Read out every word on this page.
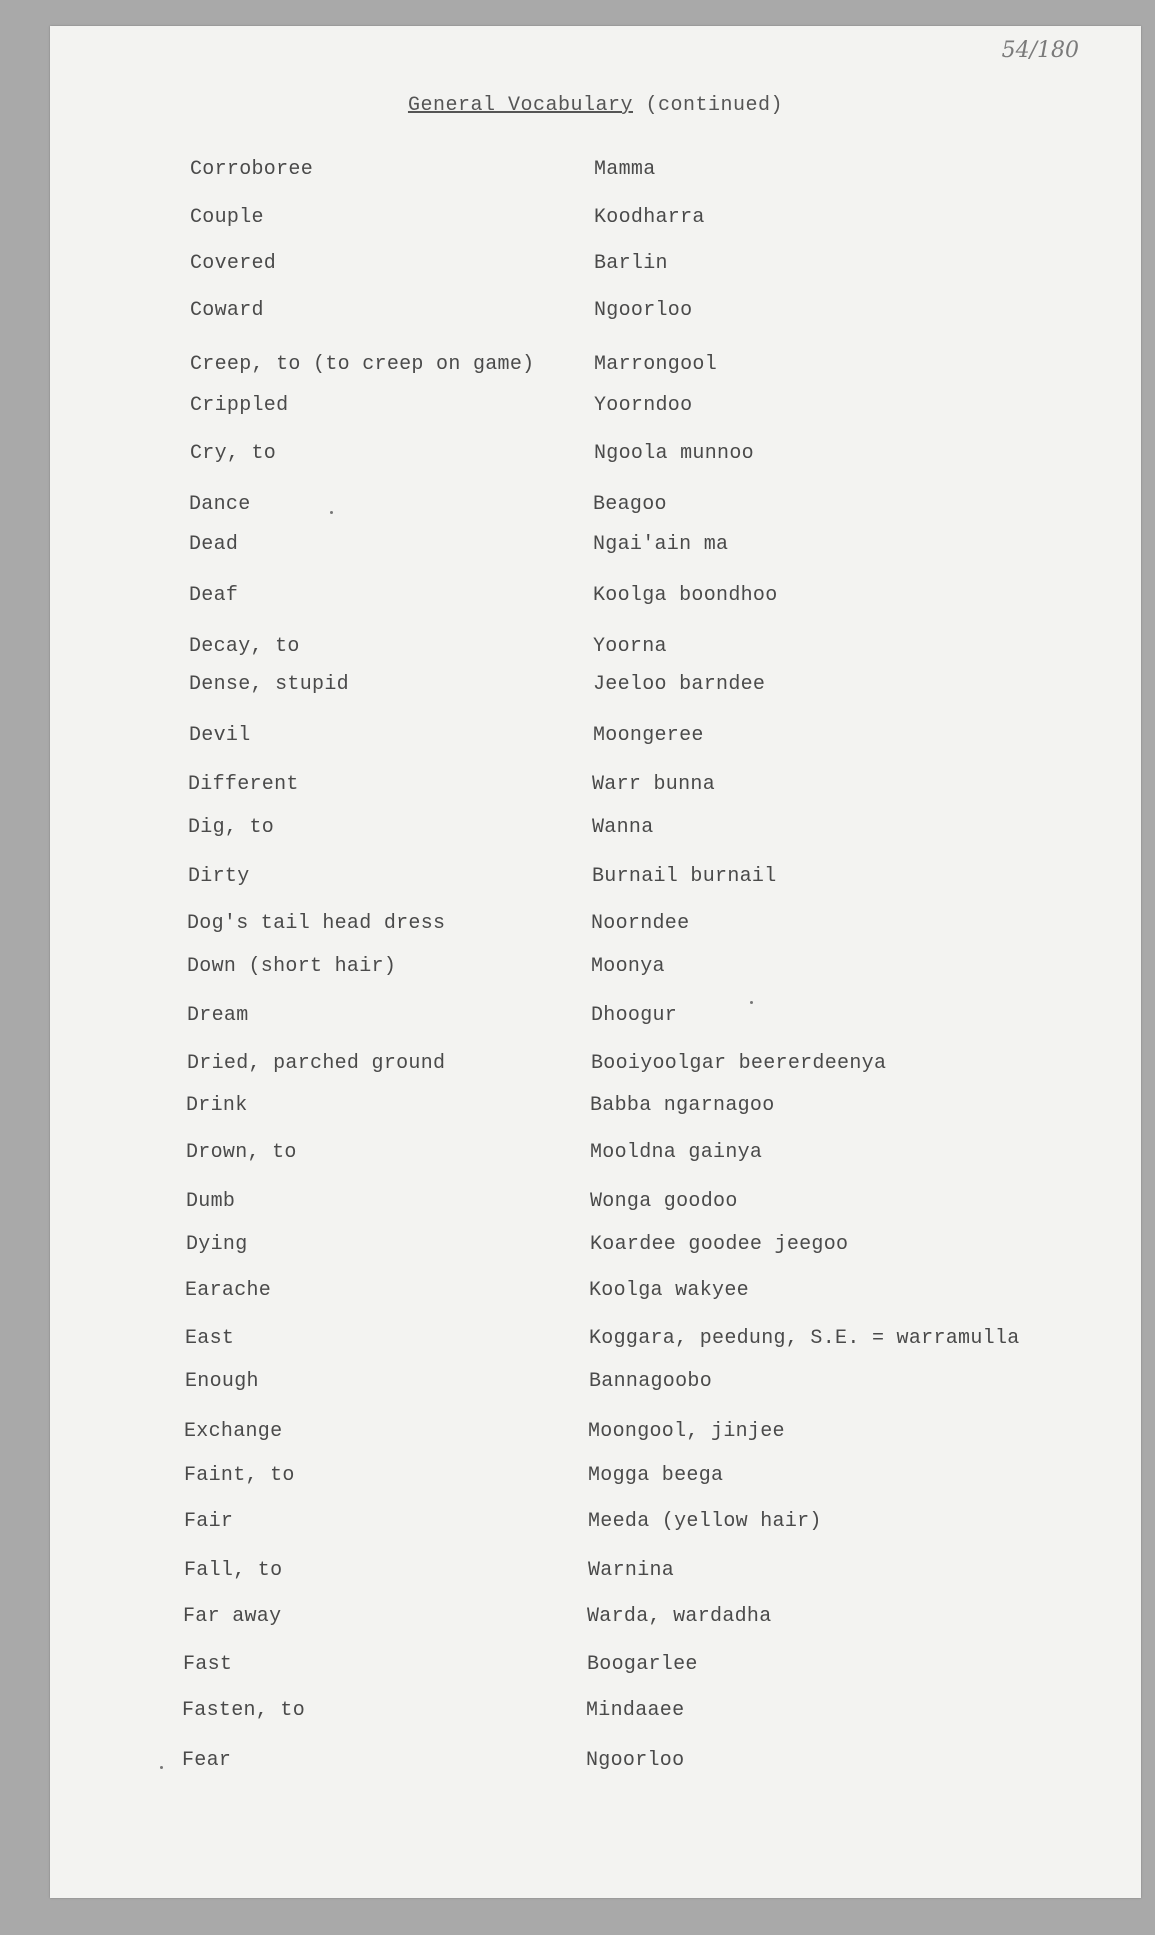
54/180
General Vocabulary (continued)
Corroboree	Mamma
Couple	Koodharra
Covered	Barlin
Coward	Ngoorloo
Creep, to (to creep on game)	Marrongool
Crippled	Yoorndoo
Cry, to	Ngoola munnoo
Dance	Beagoo
Dead	Ngai'ain ma
Deaf	Koolga boondhoo
Decay, to	Yoorna
Dense, stupid	Jeeloo barndee
Devil	Moongeree
Different	Warr bunna
Dig, to	Wanna
Dirty	Burnail burnail
Dog's tail head dress	Noorndee
Down (short hair)	Moonya
Dream	Dhoogur
Dried, parched ground	Booiyoolgar beererdeenya
Drink	Babba ngarnagoo
Drown, to	Mooldna gainya
Dumb	Wonga goodoo
Dying	Koardee goodee jeegoo
Earache	Koolga wakyee
East	Koggara, peedung, S.E. = warramulla
Enough	Bannagoobo
Exchange	Moongool, jinjee
Faint, to	Mogga beega
Fair	Meeda (yellow hair)
Fall, to	Warnina
Far away	Warda, wardadha
Fast	Boogarlee
Fasten, to	Mindaaee
Fear	Ngoorloo
